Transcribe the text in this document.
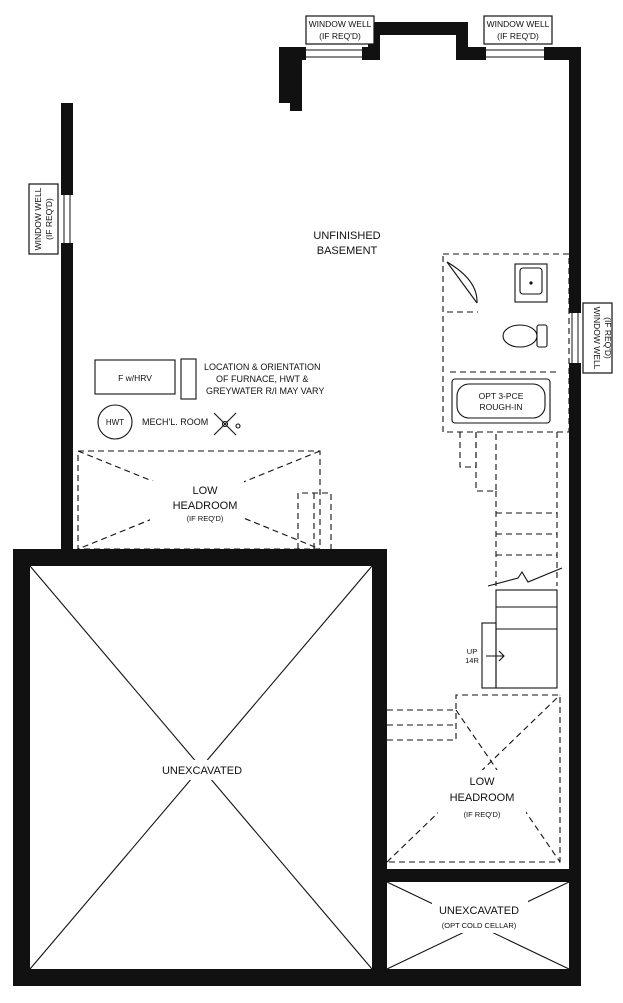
WINDOW WELL
(IF REQ'D)
WINDOW WELL
(IF REQ'D)
WINDOW WELL (IF REQ'D)
WINDOW WELL (IF REQ'D)
UNFINISHED
BASEMENT
F w/HRV
LOCATION & ORIENTATION
OF FURNACE, HWT &
GREYWATER R/I MAY VARY
HWT MECH'L. ROOM
LOW
HEADROOM
(IF REQ'D)
OPT 3-PCE
ROUGH-IN
UP
14R
LOW
HEADROOM
(IF REQ'D)
UNEXCAVATED
UNEXCAVATED
(OPT COLD CELLAR)
